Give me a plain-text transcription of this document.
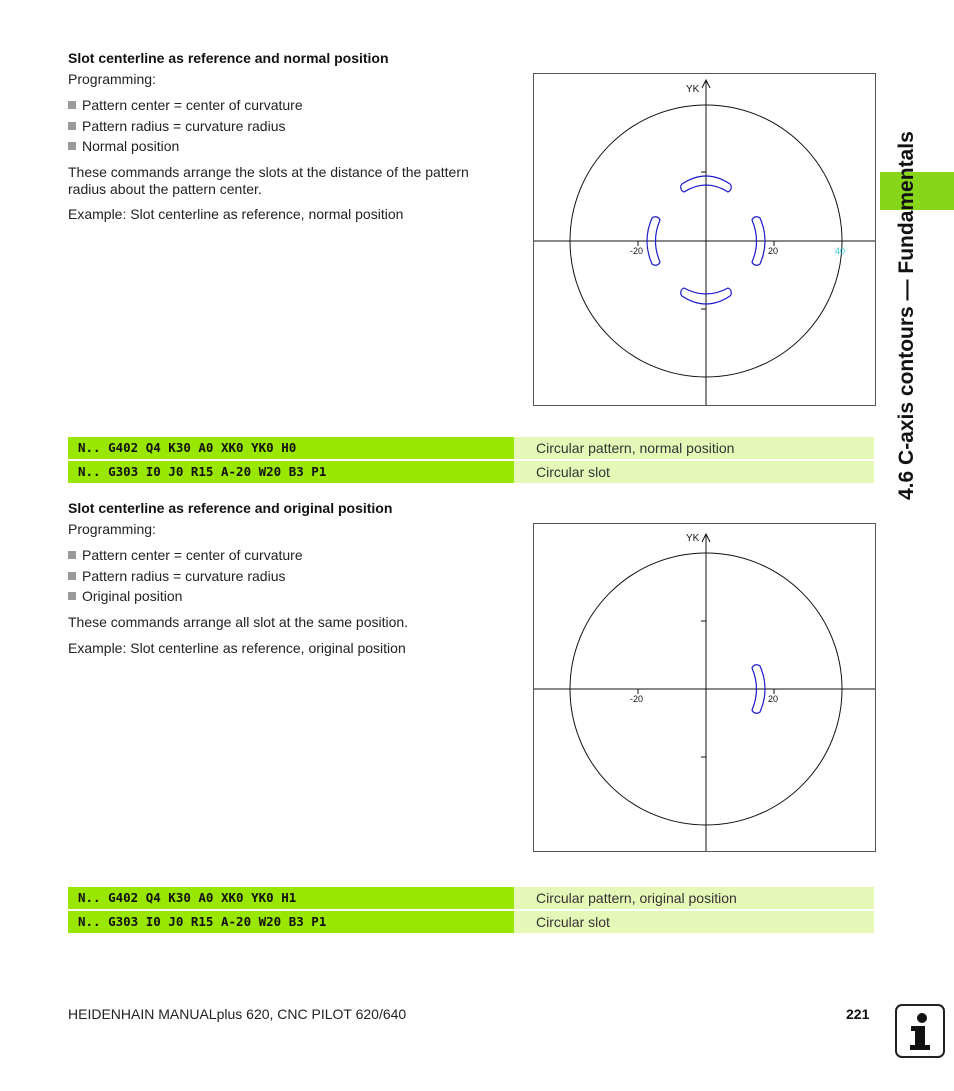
4.6 C-axis contours — Fundamentals
Slot centerline as reference and normal position
Programming:
Pattern center = center of curvature
Pattern radius = curvature radius
Normal position
These commands arrange the slots at the distance of the pattern radius about the pattern center.
Example: Slot centerline as reference, normal position
YK
-20	20	40
N.. G402 Q4 K30 A0 XK0 YK0 H0	Circular pattern, normal position
N.. G303 I0 J0 R15 A-20 W20 B3 P1	Circular slot
Slot centerline as reference and original position
Programming:
Pattern center = center of curvature
Pattern radius = curvature radius
Original position
These commands arrange all slot at the same position.
Example: Slot centerline as reference, original position
YK
-20	20
N.. G402 Q4 K30 A0 XK0 YK0 H1	Circular pattern, original position
N.. G303 I0 J0 R15 A-20 W20 B3 P1	Circular slot
HEIDENHAIN MANUALplus 620, CNC PILOT 620/640	221
